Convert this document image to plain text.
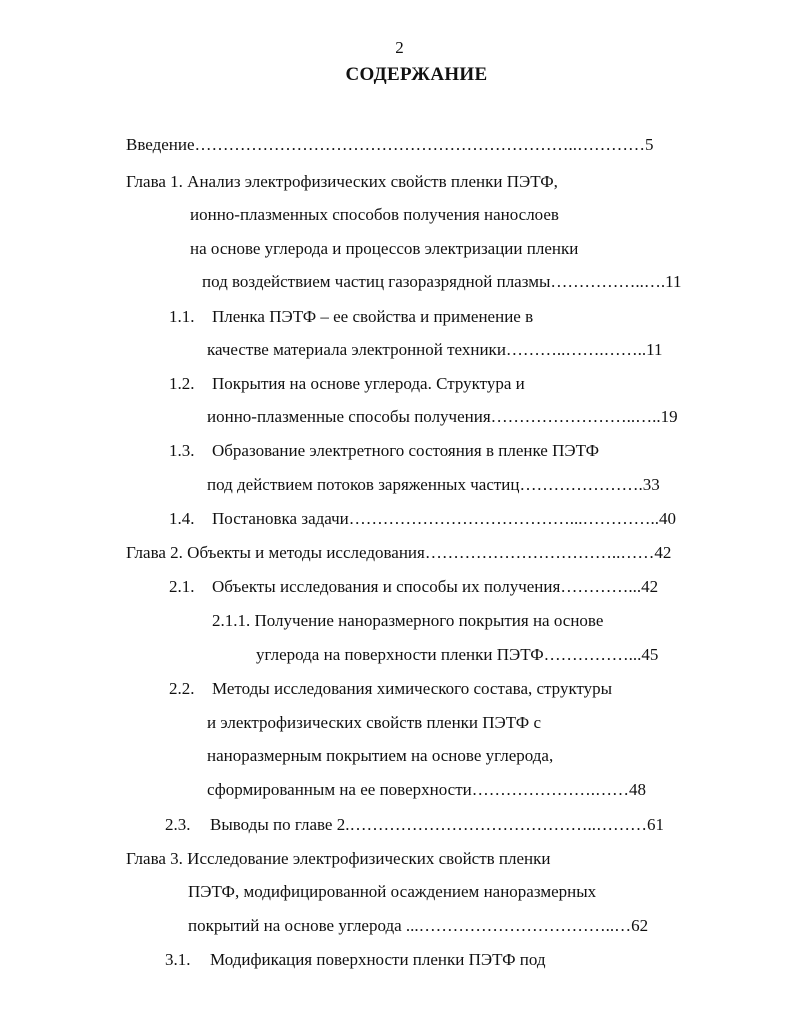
2
СОДЕРЖАНИЕ
Введение…………………………………………………………..…………5
Глава 1. Анализ электрофизических свойств пленки ПЭТФ,
ионно-плазменных способов получения нанослоев
на основе углерода и процессов электризации пленки
под воздействием частиц газоразрядной плазмы……………..….11
1.1. Пленка ПЭТФ – ее свойства и применение в
качестве материала электронной техники………..…….……..11
1.2. Покрытия на основе углерода. Структура и
ионно-плазменные способы получения……………………..…..19
1.3. Образование электретного состояния в пленке ПЭТФ
под действием потоков заряженных частиц………………….33
1.4. Постановка задачи…………………………………...…………..40
Глава 2. Объекты и методы исследования……………………………..……42
2.1. Объекты исследования и способы их получения…………...42
2.1.1. Получение наноразмерного покрытия на основе
углерода на поверхности пленки ПЭТФ……………...45
2.2. Методы исследования химического состава, структуры
и электрофизических свойств пленки ПЭТФ с
наноразмерным покрытием на основе углерода,
сформированным на ее поверхности………………….……48
2.3. Выводы по главе 2.……………………………………..………61
Глава 3. Исследование электрофизических свойств пленки
ПЭТФ, модифицированной осаждением наноразмерных
покрытий на основе углерода ...……………………………..…62
3.1. Модификация поверхности пленки ПЭТФ под
